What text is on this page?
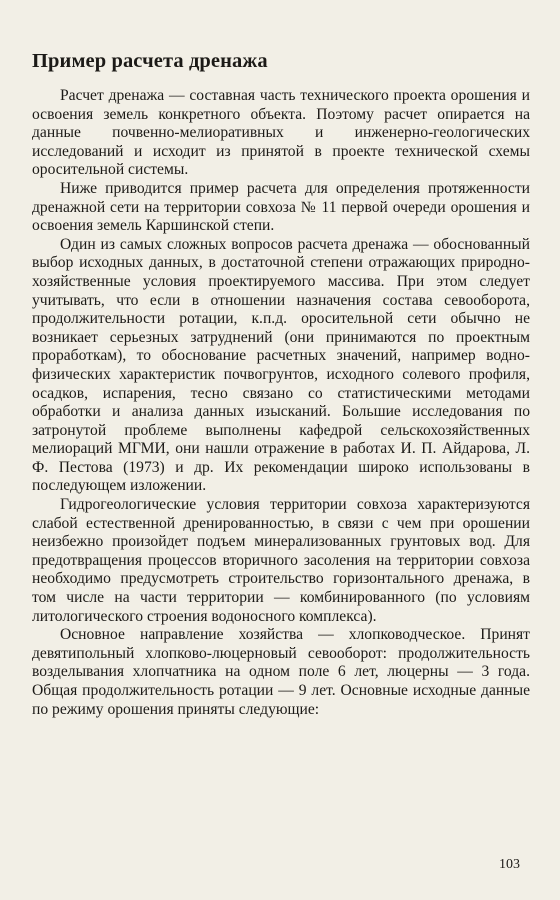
Пример расчета дренажа

Расчет дренажа — составная часть технического проекта орошения и освоения земель конкретного объекта. Поэтому расчет опирается на данные почвенно-мелиоративных и инженерно-геологических исследований и исходит из принятой в проекте технической схемы оросительной системы.

Ниже приводится пример расчета для определения протяженности дренажной сети на территории совхоза № 11 первой очереди орошения и освоения земель Каршинской степи.

Один из самых сложных вопросов расчета дренажа — обоснованный выбор исходных данных, в достаточной степени отражающих природно-хозяйственные условия проектируемого массива. При этом следует учитывать, что если в отношении назначения состава севооборота, продолжительности ротации, к.п.д. оросительной сети обычно не возникает серьезных затруднений (они принимаются по проектным проработкам), то обоснование расчетных значений, например водно-физических характеристик почвогрунтов, исходного солевого профиля, осадков, испарения, тесно связано со статистическими методами обработки и анализа данных изысканий. Большие исследования по затронутой проблеме выполнены кафедрой сельскохозяйственных мелиораций МГМИ, они нашли отражение в работах И. П. Айдарова, Л. Ф. Пестова (1973) и др. Их рекомендации широко использованы в последующем изложении.

Гидрогеологические условия территории совхоза характеризуются слабой естественной дренированностью, в связи с чем при орошении неизбежно произойдет подъем минерализованных грунтовых вод. Для предотвращения процессов вторичного засоления на территории совхоза необходимо предусмотреть строительство горизонтального дренажа, в том числе на части территории — комбинированного (по условиям литологического строения водоносного комплекса).

Основное направление хозяйства — хлопководческое. Принят девятипольный хлопково-люцерновый севооборот: продолжительность возделывания хлопчатника на одном поле 6 лет, люцерны — 3 года. Общая продолжительность ротации — 9 лет. Основные исходные данные по режиму орошения приняты следующие:

103
